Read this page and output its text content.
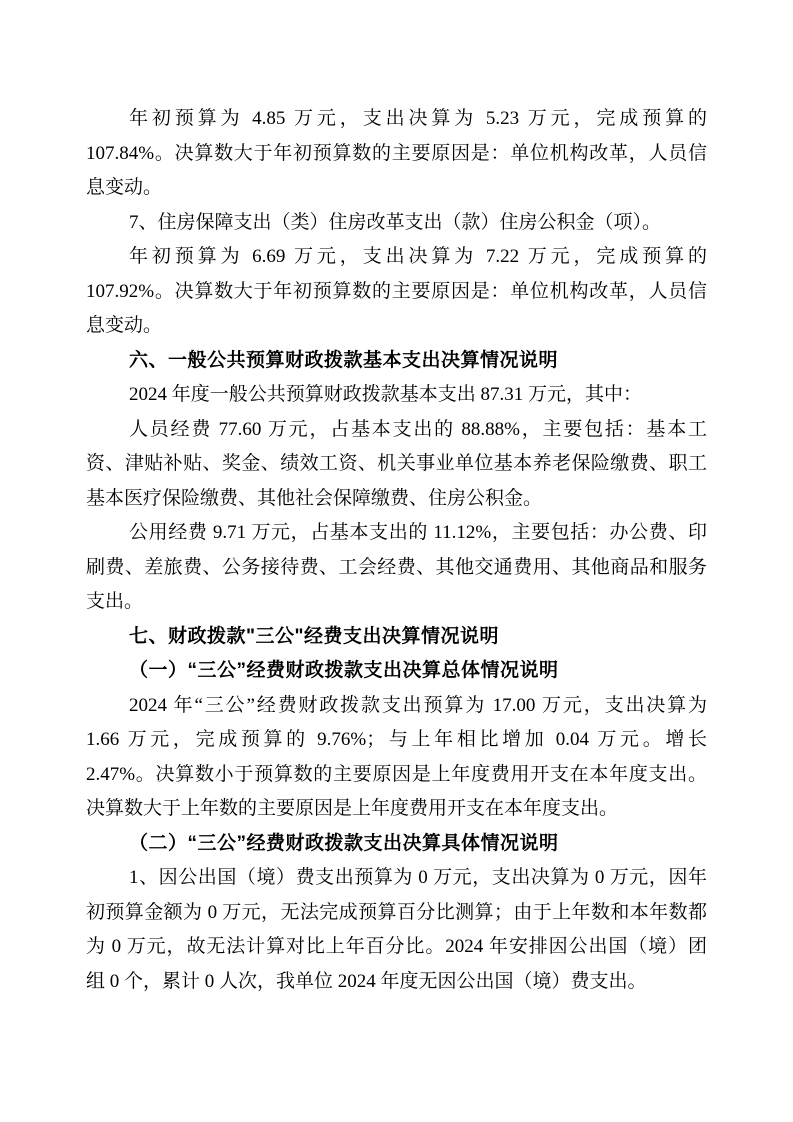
年初预算为 4.85 万元，支出决算为 5.23 万元，完成预算的
107.84%。决算数大于年初预算数的主要原因是：单位机构改革，人员信
息变动。
7、住房保障支出（类）住房改革支出（款）住房公积金（项）。
年初预算为 6.69 万元，支出决算为 7.22 万元，完成预算的
107.92%。决算数大于年初预算数的主要原因是：单位机构改革，人员信
息变动。
六、一般公共预算财政拨款基本支出决算情况说明
2024 年度一般公共预算财政拨款基本支出 87.31 万元，其中：
人员经费 77.60 万元，占基本支出的 88.88%，主要包括：基本工
资、津贴补贴、奖金、绩效工资、机关事业单位基本养老保险缴费、职工
基本医疗保险缴费、其他社会保障缴费、住房公积金。
公用经费 9.71 万元，占基本支出的 11.12%，主要包括：办公费、印
刷费、差旅费、公务接待费、工会经费、其他交通费用、其他商品和服务
支出。
七、财政拨款"三公"经费支出决算情况说明
（一）“三公”经费财政拨款支出决算总体情况说明
2024 年“三公”经费财政拨款支出预算为 17.00 万元，支出决算为
1.66 万元，完成预算的 9.76%；与上年相比增加 0.04 万元。增长
2.47%。决算数小于预算数的主要原因是上年度费用开支在本年度支出。
决算数大于上年数的主要原因是上年度费用开支在本年度支出。
（二）“三公”经费财政拨款支出决算具体情况说明
1、因公出国（境）费支出预算为 0 万元，支出决算为 0 万元，因年
初预算金额为 0 万元，无法完成预算百分比测算；由于上年数和本年数都
为 0 万元，故无法计算对比上年百分比。2024 年安排因公出国（境）团
组 0 个，累计 0 人次，我单位 2024 年度无因公出国（境）费支出。
